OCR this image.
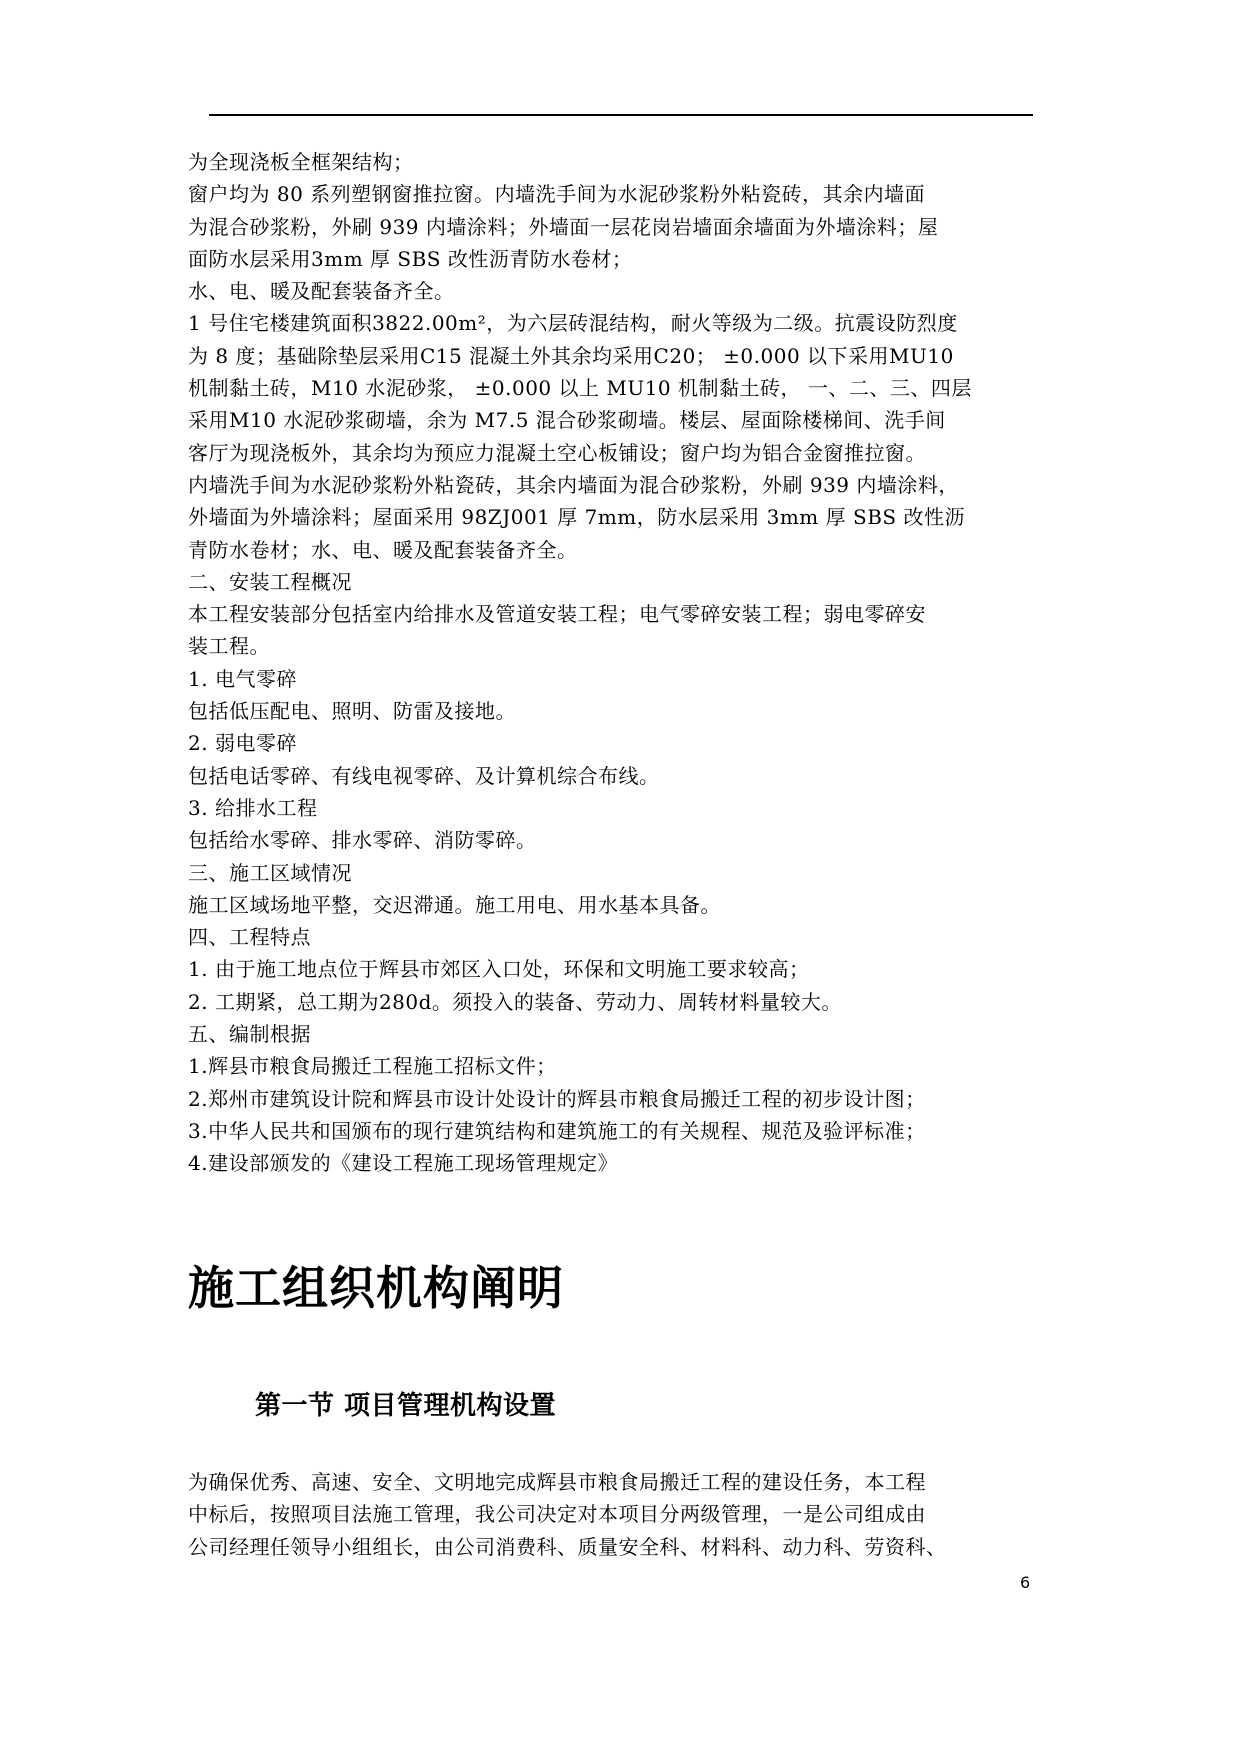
为全现浇板全框架结构；

窗户均为 80 系列塑钢窗推拉窗。内墙洗手间为水泥砂浆粉外粘瓷砖，其余内墙面

为混合砂浆粉，外刷 939 内墙涂料；外墙面一层花岗岩墙面余墙面为外墙涂料；屋

面防水层采用3mm 厚 SBS 改性沥青防水卷材；

水、电、暖及配套装备齐全。

1 号住宅楼建筑面积3822.00m²，为六层砖混结构，耐火等级为二级。抗震设防烈度

为 8 度；基础除垫层采用C15 混凝土外其余均采用C20； ±0.000 以下采用MU10

机制黏土砖，M10 水泥砂浆， ±0.000 以上 MU10 机制黏土砖， 一、二、三、四层

采用M10 水泥砂浆砌墙，余为 M7.5 混合砂浆砌墙。楼层、屋面除楼梯间、洗手间

客厅为现浇板外，其余均为预应力混凝土空心板铺设；窗户均为铝合金窗推拉窗。

内墙洗手间为水泥砂浆粉外粘瓷砖，其余内墙面为混合砂浆粉，外刷 939 内墙涂料，

外墙面为外墙涂料；屋面采用 98ZJ001 厚 7mm，防水层采用 3mm 厚 SBS 改性沥

青防水卷材；水、电、暖及配套装备齐全。

二、安装工程概况

本工程安装部分包括室内给排水及管道安装工程；电气零碎安装工程；弱电零碎安

装工程。

1. 电气零碎

包括低压配电、照明、防雷及接地。

2. 弱电零碎

包括电话零碎、有线电视零碎、及计算机综合布线。

3. 给排水工程

包括给水零碎、排水零碎、消防零碎。

三、施工区域情况

施工区域场地平整，交迟滞通。施工用电、用水基本具备。

四、工程特点

1. 由于施工地点位于辉县市郊区入口处，环保和文明施工要求较高；

2. 工期紧，总工期为280d。须投入的装备、劳动力、周转材料量较大。

五、编制根据

1.辉县市粮食局搬迁工程施工招标文件；

2.郑州市建筑设计院和辉县市设计处设计的辉县市粮食局搬迁工程的初步设计图；

3.中华人民共和国颁布的现行建筑结构和建筑施工的有关规程、规范及验评标准；

4.建设部颁发的《建设工程施工现场管理规定》

施工组织机构阐明
第一节 项目管理机构设置

为确保优秀、高速、安全、文明地完成辉县市粮食局搬迁工程的建设任务，本工程

中标后，按照项目法施工管理，我公司决定对本项目分两级管理，一是公司组成由

公司经理任领导小组组长，由公司消费科、质量安全科、材料科、动力科、劳资科、

6
